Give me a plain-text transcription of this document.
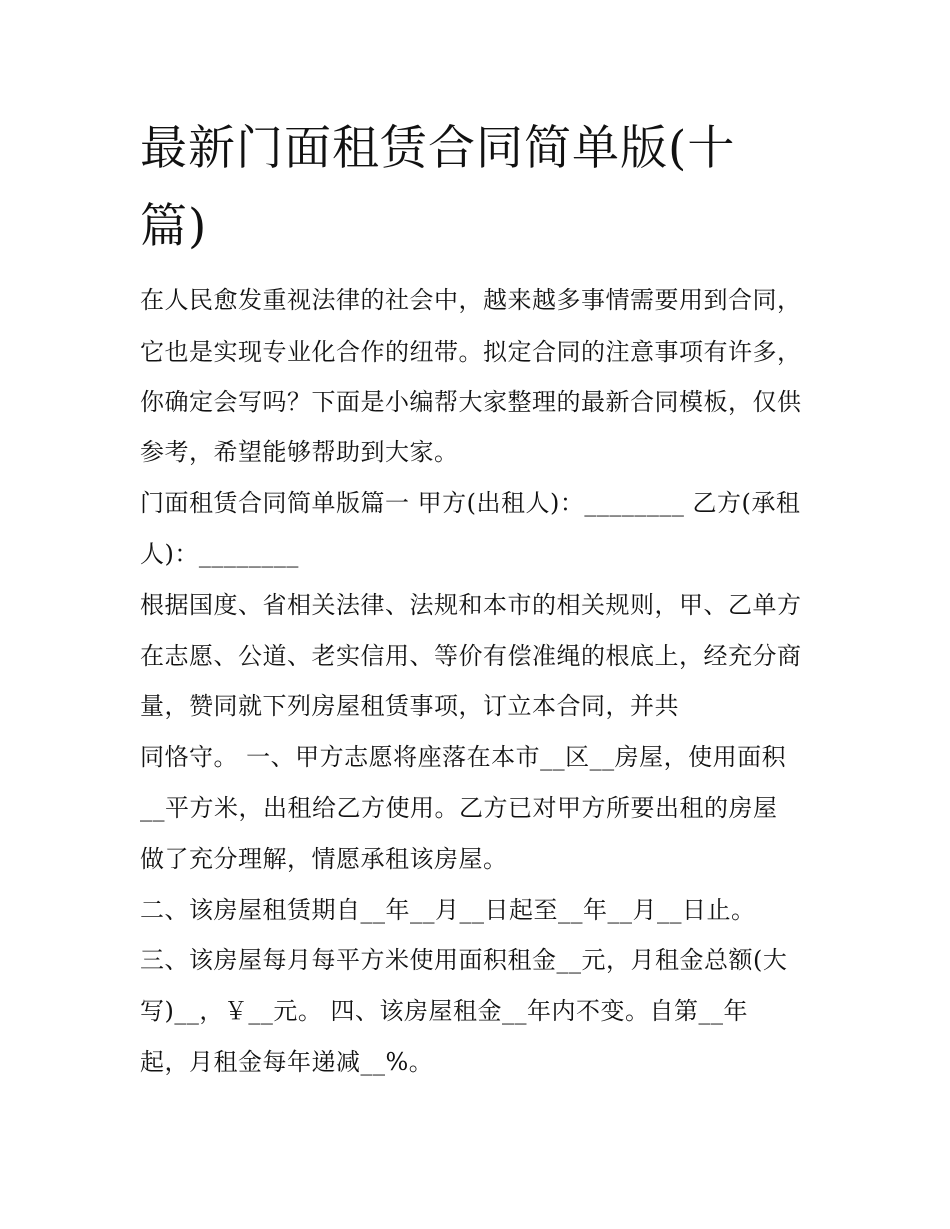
最新门面租赁合同简单版(十
篇)

在人民愈发重视法律的社会中，越来越多事情需要用到合同，

它也是实现专业化合作的纽带。拟定合同的注意事项有许多，

你确定会写吗？下面是小编帮大家整理的最新合同模板，仅供

参考，希望能够帮助到大家。

门面租赁合同简单版篇一 甲方(出租人)：________ 乙方(承租

人)：________

根据国度、省相关法律、法规和本市的相关规则，甲、乙单方

在志愿、公道、老实信用、等价有偿准绳的根底上，经充分商

量，赞同就下列房屋租赁事项，订立本合同，并共

同恪守。 一、甲方志愿将座落在本市__区__房屋，使用面积

__平方米，出租给乙方使用。乙方已对甲方所要出租的房屋

做了充分理解，情愿承租该房屋。

二、该房屋租赁期自__年__月__日起至__年__月__日止。

三、该房屋每月每平方米使用面积租金__元，月租金总额(大

写)__，￥__元。 四、该房屋租金__年内不变。自第__年

起，月租金每年递减__%。
